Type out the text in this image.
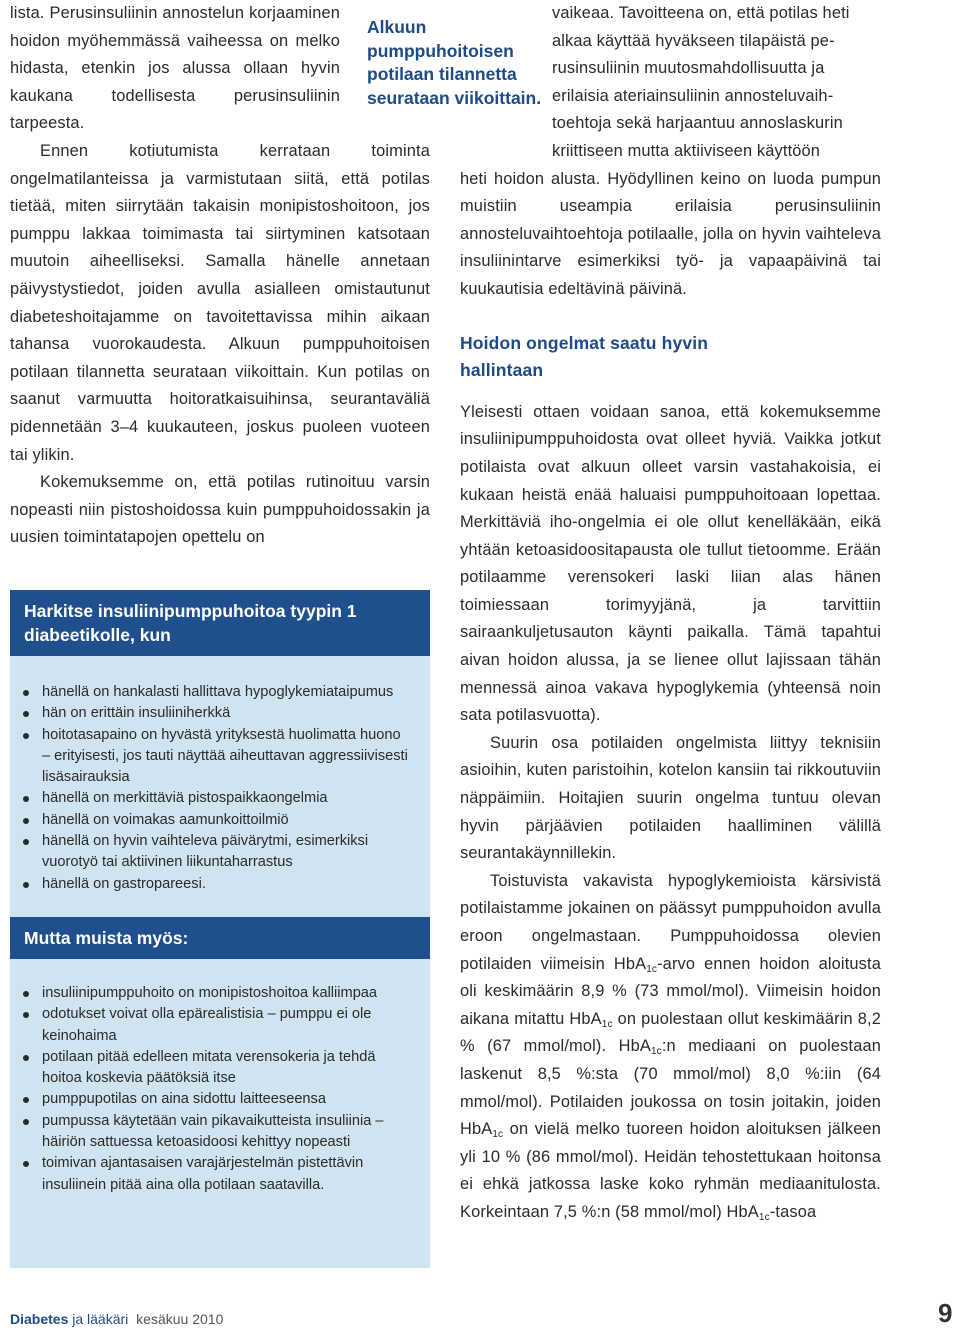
lista. Perusinsuliinin annostelun korjaaminen hoidon myöhemmässä vaiheessa on melko hidasta, etenkin jos alussa ollaan hyvin kaukana todellisesta perusinsuliinin tarpeesta.

Ennen kotiutumista kerrataan toiminta ongelmatilanteissa ja varmistutaan siitä, että potilas tietää, miten siirrytään takaisin monipistoshoitoon, jos pumppu lakkaa toimimasta tai siirtyminen katsotaan muutoin aiheelliseksi. Samalla hänelle annetaan päivystystiedot, joiden avulla asialleen omistautunut diabeteshoitajamme on tavoitettavissa mihin aikaan tahansa vuorokaudesta. Alkuun pumppuhoitoisen potilaan tilannetta seurataan viikoittain. Kun potilas on saanut varmuutta hoitoratkaisuihinsa, seurantaväliä pidennetään 3–4 kuukauteen, joskus puoleen vuoteen tai ylikin.

Kokemuksemme on, että potilas rutinoituu varsin nopeasti niin pistoshoidossa kuin pumppuhoidossakin ja uusien toimintatapojen opettelu on

Alkuun pumppuhoitoisen potilaan tilannetta seurataan viikoittain.
Harkitse insuliinipumppuhoitoa tyypin 1 diabeetikolle, kun
hänellä on hankalasti hallittava hypoglykemiataipumus
hän on erittäin insuliiniherkkä
hoitotasapaino on hyvästä yrityksestä huolimatta huono – erityisesti, jos tauti näyttää aiheuttavan aggressiivisesti lisäsairauksia
hänellä on merkittäviä pistospaikkaongelmia
hänellä on voimakas aamunkoittoilmiö
hänellä on hyvin vaihteleva päivärytmi, esimerkiksi vuorotyö tai aktiivinen liikuntaharrastus
hänellä on gastropareesi.
Mutta muista myös:
insuliinipumppuhoito on monipistoshoitoa kalliimpaa
odotukset voivat olla epärealistisia – pumppu ei ole keinohaima
potilaan pitää edelleen mitata verensokeria ja tehdä hoitoa koskevia päätöksiä itse
pumppupotilas on aina sidottu laitteeseensa
pumpussa käytetään vain pikavaikutteista insuliinia – häiriön sattuessa ketoasidoosi kehittyy nopeasti
toimivan ajantasaisen varajärjestelmän pistettävin insuliinein pitää aina olla potilaan saatavilla.

vaikeaa. Tavoitteena on, että potilas heti

alkaa käyttää hyväkseen tilapäistä pe-

rusinsuliinin muutosmahdollisuutta ja

erilaisia ateriainsuliinin annosteluvaih-

toehtoja sekä harjaantuu annoslaskurin

kriittiseen mutta aktiiviseen käyttöön

heti hoidon alusta. Hyödyllinen keino on luoda pumpun muistiin useampia erilaisia perusinsuliinin annosteluvaihtoehtoja potilaalle, jolla on hyvin vaihteleva insuliinintarve esimerkiksi työ- ja vapaapäivinä tai kuukautisia edeltävinä päivinä.

Hoidon ongelmat saatu hyvin hallintaan

Yleisesti ottaen voidaan sanoa, että kokemuksemme insuliinipumppuhoidosta ovat olleet hyviä. Vaikka jotkut potilaista ovat alkuun olleet varsin vastahakoisia, ei kukaan heistä enää haluaisi pumppuhoitoaan lopettaa. Merkittäviä iho-ongelmia ei ole ollut kenelläkään, eikä yhtään ketoasidoositapausta ole tullut tietoomme. Erään potilaamme verensokeri laski liian alas hänen toimiessaan torimyyjänä, ja tarvittiin sairaankuljetusauton käynti paikalla. Tämä tapahtui aivan hoidon alussa, ja se lienee ollut lajissaan tähän mennessä ainoa vakava hypoglykemia (yhteensä noin sata potilasvuotta).

Suurin osa potilaiden ongelmista liittyy teknisiin asioihin, kuten paristoihin, kotelon kansiin tai rikkoutuviin näppäimiin. Hoitajien suurin ongelma tuntuu olevan hyvin pärjäävien potilaiden haalliminen välillä seurantakäynnillekin.

Toistuvista vakavista hypoglykemioista kärsivistä potilaistamme jokainen on päässyt pumppuhoidon avulla eroon ongelmastaan. Pumppuhoidossa olevien potilaiden viimeisin HbA$_{1c}$-arvo ennen hoidon aloitusta oli keskimäärin 8,9 % (73 mmol/mol). Viimeisin hoidon aikana mitattu HbA$_{1c}$ on puolestaan ollut keskimäärin 8,2 % (67 mmol/mol). HbA$_{1c}$:n mediaani on puolestaan laskenut 8,5 %:sta (70 mmol/mol) 8,0 %:iin (64 mmol/mol). Potilaiden joukossa on tosin joitakin, joiden HbA$_{1c}$ on vielä melko tuoreen hoidon aloituksen jälkeen yli 10 % (86 mmol/mol). Heidän tehostettukaan hoitonsa ei ehkä jatkossa laske koko ryhmän mediaanitulosta. Korkeintaan 7,5 %:n (58 mmol/mol) HbA$_{1c}$-tasoa

Diabetes ja lääkäri kesäkuu 2010	9
